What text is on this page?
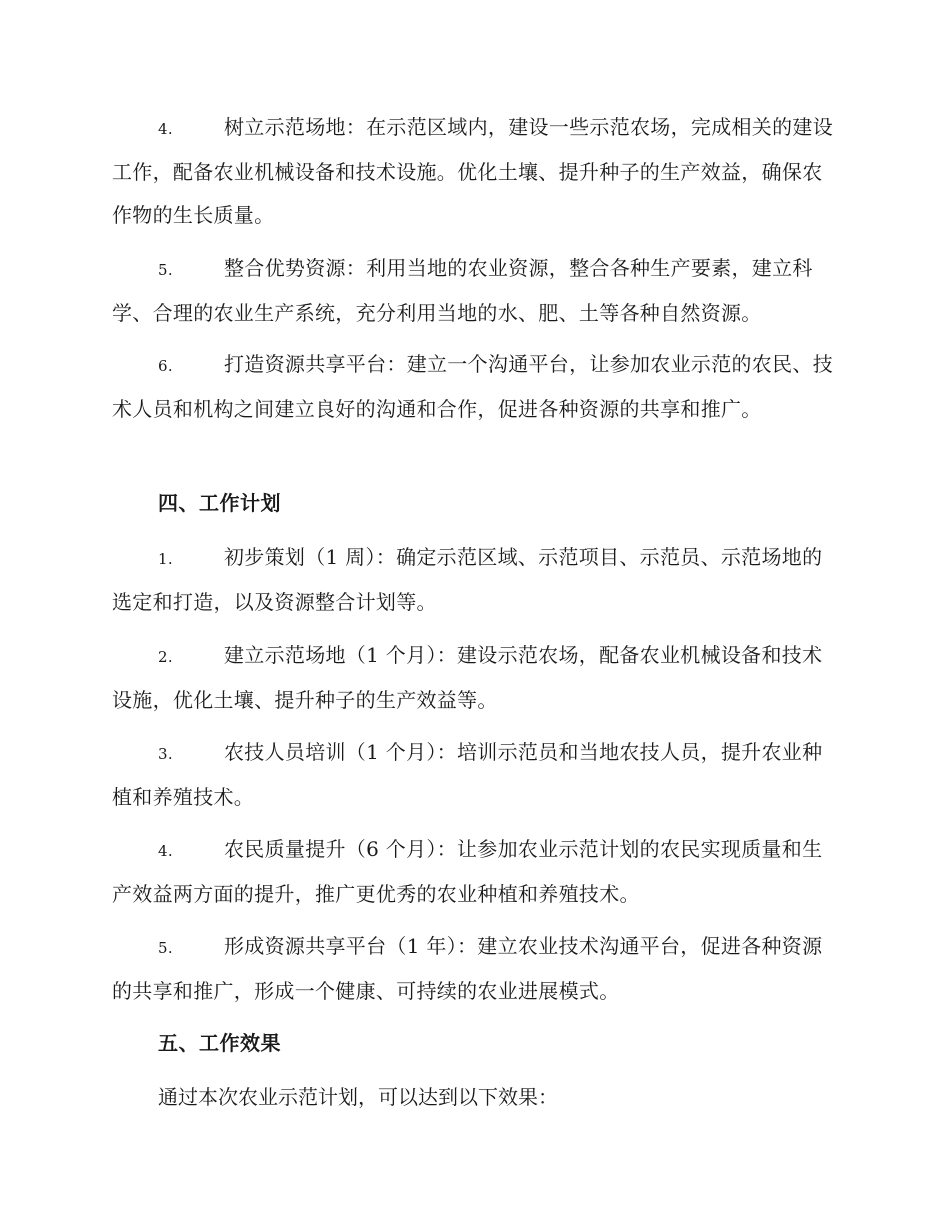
4.	树立示范场地：在示范区域内，建设一些示范农场，完成相关的建设工作，配备农业机械设备和技术设施。优化土壤、提升种子的生产效益，确保农作物的生长质量。

5.	整合优势资源：利用当地的农业资源，整合各种生产要素，建立科学、合理的农业生产系统，充分利用当地的水、肥、土等各种自然资源。

6.	打造资源共享平台：建立一个沟通平台，让参加农业示范的农民、技术人员和机构之间建立良好的沟通和合作，促进各种资源的共享和推广。

四、工作计划

1.	初步策划（1 周）：确定示范区域、示范项目、示范员、示范场地的选定和打造，以及资源整合计划等。

2.	建立示范场地（1 个月）：建设示范农场，配备农业机械设备和技术设施，优化土壤、提升种子的生产效益等。

3.	农技人员培训（1 个月）：培训示范员和当地农技人员，提升农业种植和养殖技术。

4.	农民质量提升（6 个月）：让参加农业示范计划的农民实现质量和生产效益两方面的提升，推广更优秀的农业种植和养殖技术。

5.	形成资源共享平台（1 年）：建立农业技术沟通平台，促进各种资源的共享和推广，形成一个健康、可持续的农业进展模式。

五、工作效果
通过本次农业示范计划，可以达到以下效果：
